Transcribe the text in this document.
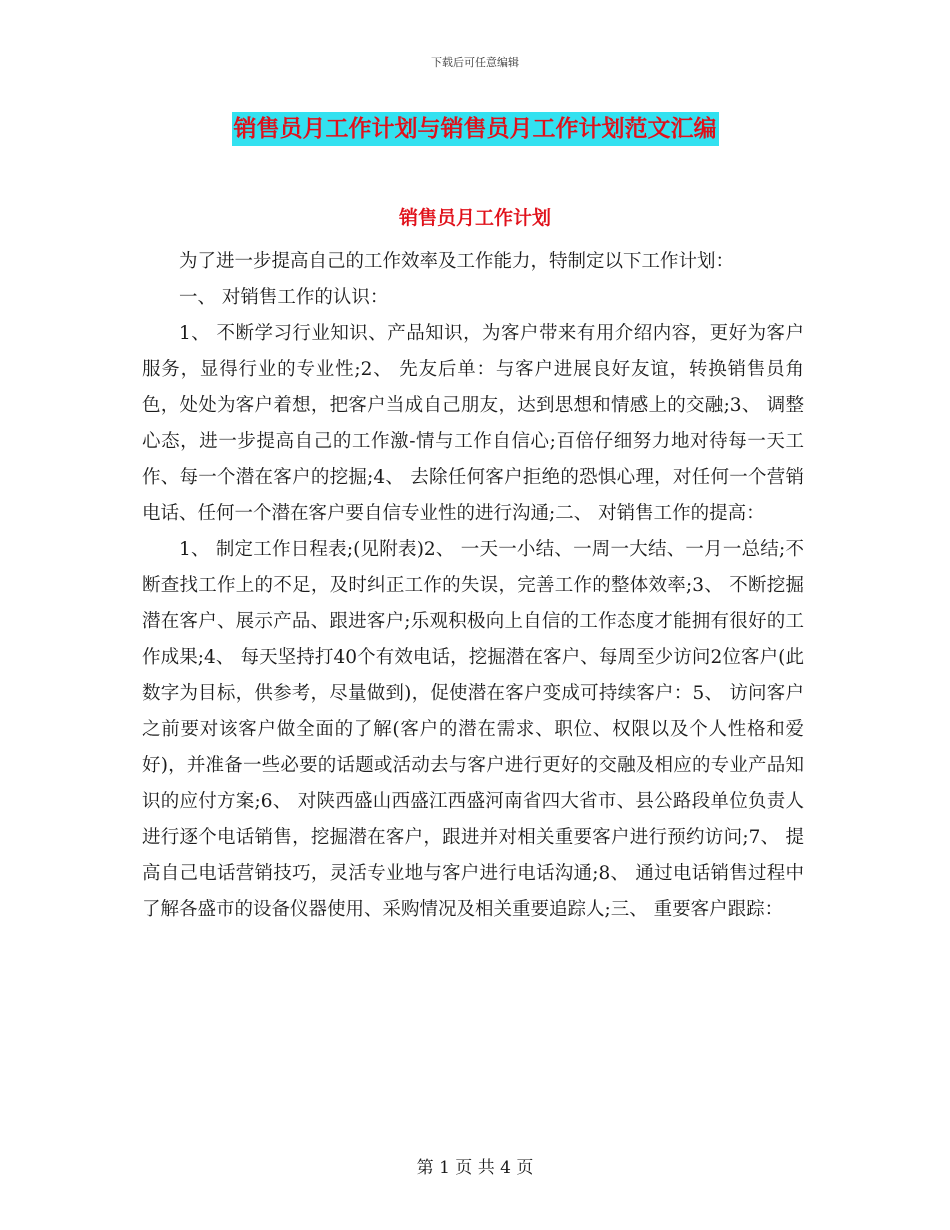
下载后可任意编辑
销售员月工作计划与销售员月工作计划范文汇编
销售员月工作计划

为了进一步提高自己的工作效率及工作能力，特制定以下工作计划：

一、 对销售工作的认识：

1、 不断学习行业知识、产品知识，为客户带来有用介绍内容，更好为客户服务，显得行业的专业性;2、 先友后单：与客户进展良好友谊，转换销售员角色，处处为客户着想，把客户当成自己朋友，达到思想和情感上的交融;3、 调整心态，进一步提高自己的工作激-情与工作自信心;百倍仔细努力地对待每一天工作、每一个潜在客户的挖掘;4、 去除任何客户拒绝的恐惧心理，对任何一个营销电话、任何一个潜在客户要自信专业性的进行沟通;二、 对销售工作的提高：

1、 制定工作日程表;(见附表)2、 一天一小结、一周一大结、一月一总结;不断查找工作上的不足，及时纠正工作的失误，完善工作的整体效率;3、 不断挖掘潜在客户、展示产品、跟进客户;乐观积极向上自信的工作态度才能拥有很好的工作成果;4、 每天坚持打40个有效电话，挖掘潜在客户、每周至少访问2位客户(此数字为目标，供参考，尽量做到)，促使潜在客户变成可持续客户：5、 访问客户之前要对该客户做全面的了解(客户的潜在需求、职位、权限以及个人性格和爱好)，并准备一些必要的话题或活动去与客户进行更好的交融及相应的专业产品知识的应付方案;6、 对陕西盛山西盛江西盛河南省四大省市、县公路段单位负责人进行逐个电话销售，挖掘潜在客户，跟进并对相关重要客户进行预约访问;7、 提高自己电话营销技巧，灵活专业地与客户进行电话沟通;8、 通过电话销售过程中了解各盛市的设备仪器使用、采购情况及相关重要追踪人;三、 重要客户跟踪：

第 1 页 共 4 页
